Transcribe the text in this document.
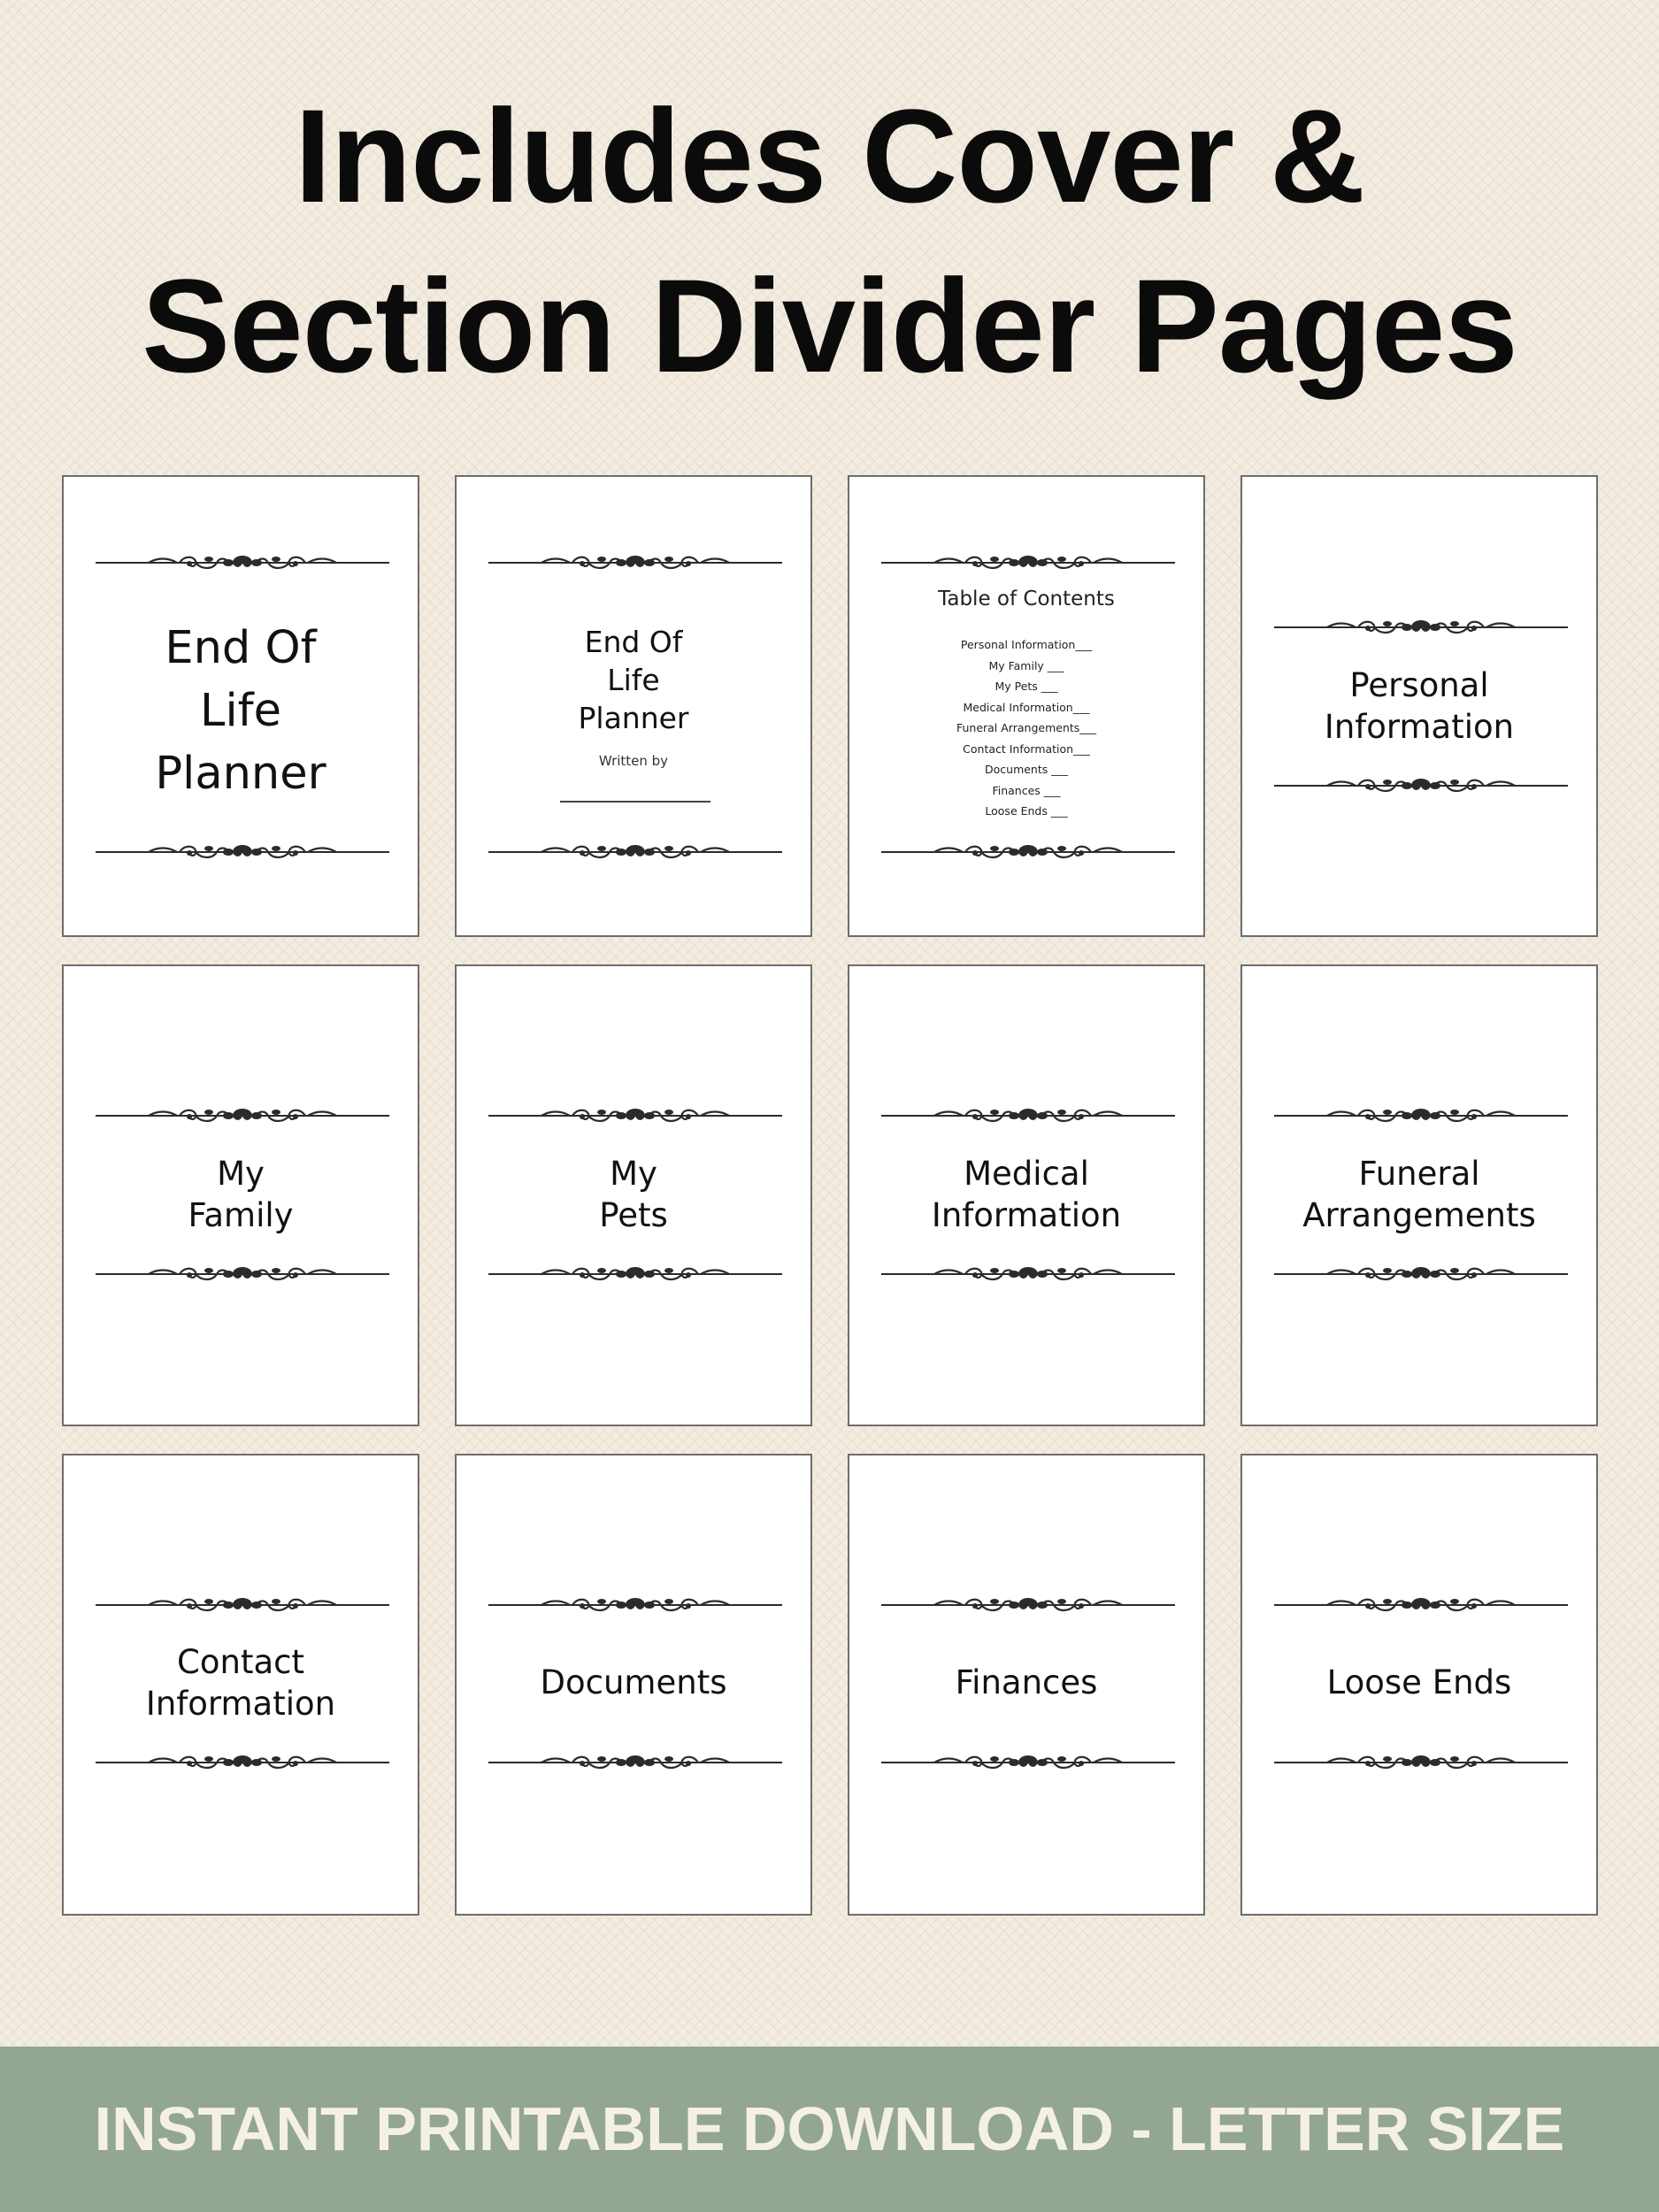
Includes Cover &
Section Divider Pages
End Of
Life
Planner
End Of
Life
Planner
Written by
Table of Contents
Personal Information___
My Family ___
My Pets ___
Medical Information___
Funeral Arrangements___
Contact Information___
Documents ___
Finances ___
Loose Ends ___
Personal
Information
My
Family
My
Pets
Medical
Information
Funeral
Arrangements
Contact
Information
Documents	Finances	Loose Ends
INSTANT PRINTABLE DOWNLOAD - LETTER SIZE
